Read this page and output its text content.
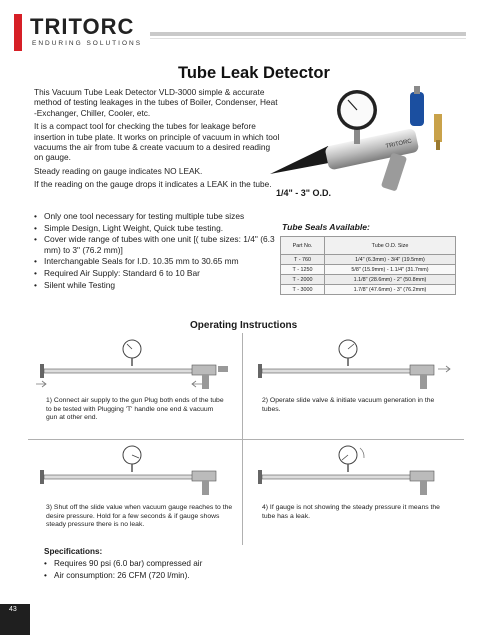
TRITORC
ENDURING SOLUTIONS
Tube Leak Detector

This Vacuum Tube Leak Detector VLD-3000 simple & accurate method of testing leakages in the tubes of Boiler, Condenser, Heat -Exchanger, Chiller, Cooler, etc.

It is a compact tool for checking the tubes for leakage before insertion in tube plate. It works on principle of vacuum in which tool vacuums the air from tube & create vacuum to a desired reading on gauge.

Steady reading on gauge indicates NO LEAK.

If the reading on the gauge drops it indicates a LEAK in the tube.

• Only one tool necessary for testing multiple tube sizes
• Simple Design, Light Weight, Quick tube testing.
• Cover wide range of tubes with one unit [( tube sizes: 1/4" (6.3 mm) to 3" (76.2 mm)]
• Interchangable Seals for I.D. 10.35 mm to 30.65 mm
• Required Air Supply: Standard 6 to 10 Bar
• Silent while Testing
TRITORC
1/4" - 3" O.D.
Tube Seals Available:
Part No.	Tube O.D. Size
T - 760	1/4" (6.3mm) - 3/4" (19.5mm)
T - 1250	5/8" (15.9mm) - 1.1/4" (31.7mm)
T - 2000	1.1/8" (28.6mm) - 2" (50.8mm)
T - 3000	1.7/8" (47.6mm) - 3" (76.2mm)
Operating Instructions
1) Connect air supply to the gun Plug both ends of the tube to be tested with Plugging 'T' handle one end & vacuum gun at other end.
2) Operate slide valve & initiate vacuum generation in the tubes.
3) Shut off the slide value when vacuum gauge reaches to the desire pressure. Hold for a few seconds & if gauge shows steady pressure there is no leak.
4) If gauge is not showing the steady pressure it means the tube has a leak.
Specifications:
• Requires 90 psi (6.0 bar) compressed air
• Air consumption: 26 CFM (720 l/min).
43
